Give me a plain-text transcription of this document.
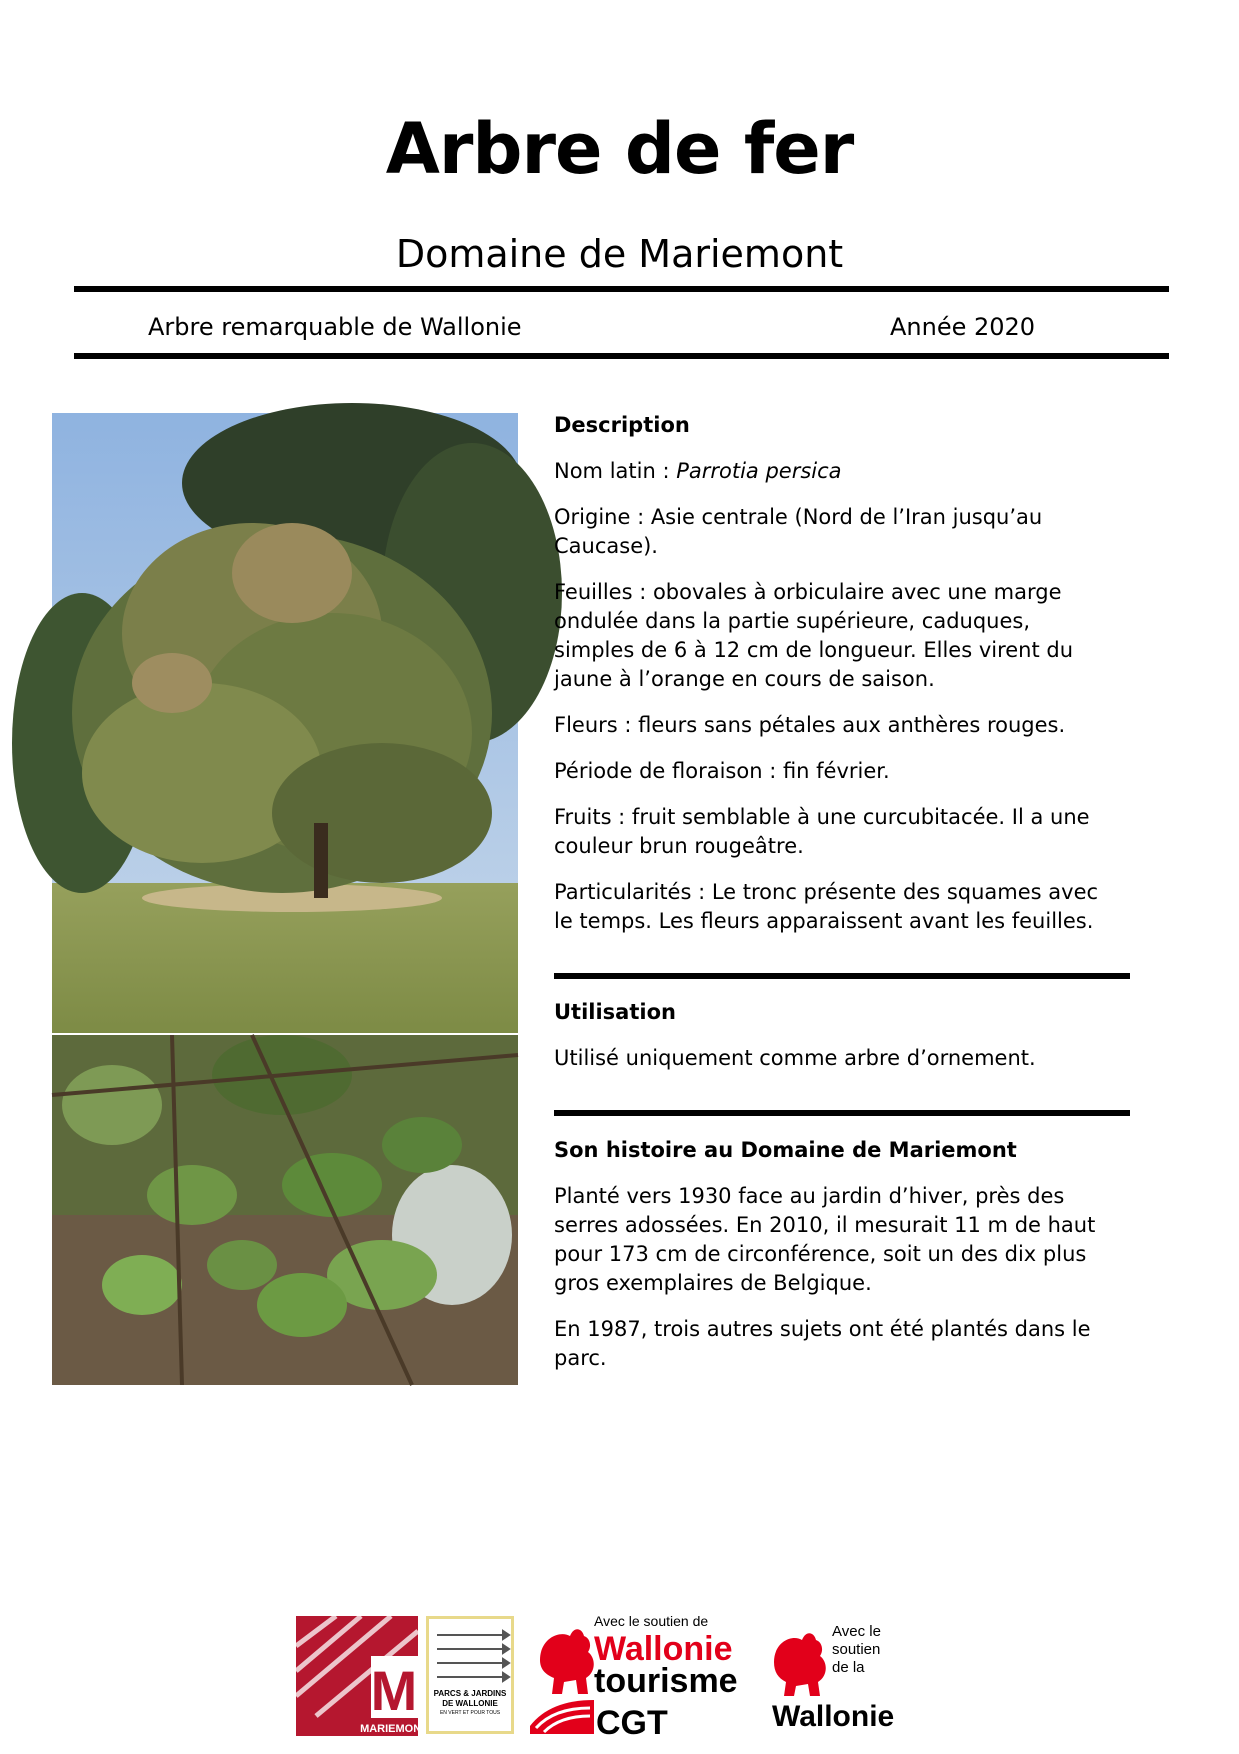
Arbre de fer
Domaine de Mariemont
Arbre remarquable de Wallonie	Année 2020
Description

Nom latin : Parrotia persica

Origine : Asie centrale (Nord de l’Iran jusqu’au Caucase).

Feuilles : obovales à orbiculaire avec une marge ondulée dans la partie supérieure, caduques, simples de 6 à 12 cm de longueur. Elles virent du jaune à l’orange en cours de saison.

Fleurs : fleurs sans pétales aux anthères rouges.

Période de floraison : fin février.

Fruits : fruit semblable à une curcubitacée. Il a une couleur brun rougeâtre.

Particularités : Le tronc présente des squames avec le temps. Les fleurs apparaissent avant les feuilles.

Utilisation

Utilisé uniquement comme arbre d’ornement.

Son histoire au Domaine de Mariemont

Planté vers 1930 face au jardin d’hiver, près des serres adossées. En 2010, il mesurait 11 m de haut pour 173 cm de circonférence, soit un des dix plus gros exemplaires de Belgique.

En 1987, trois autres sujets ont été plantés dans le parc.

M
MARIEMONT
PARCS & JARDINS
DE WALLONIE
EN VERT ET POUR TOUS
Avec le soutien de
Wallonie
tourisme
CGT
Avec le
soutien
de la
Wallonie
